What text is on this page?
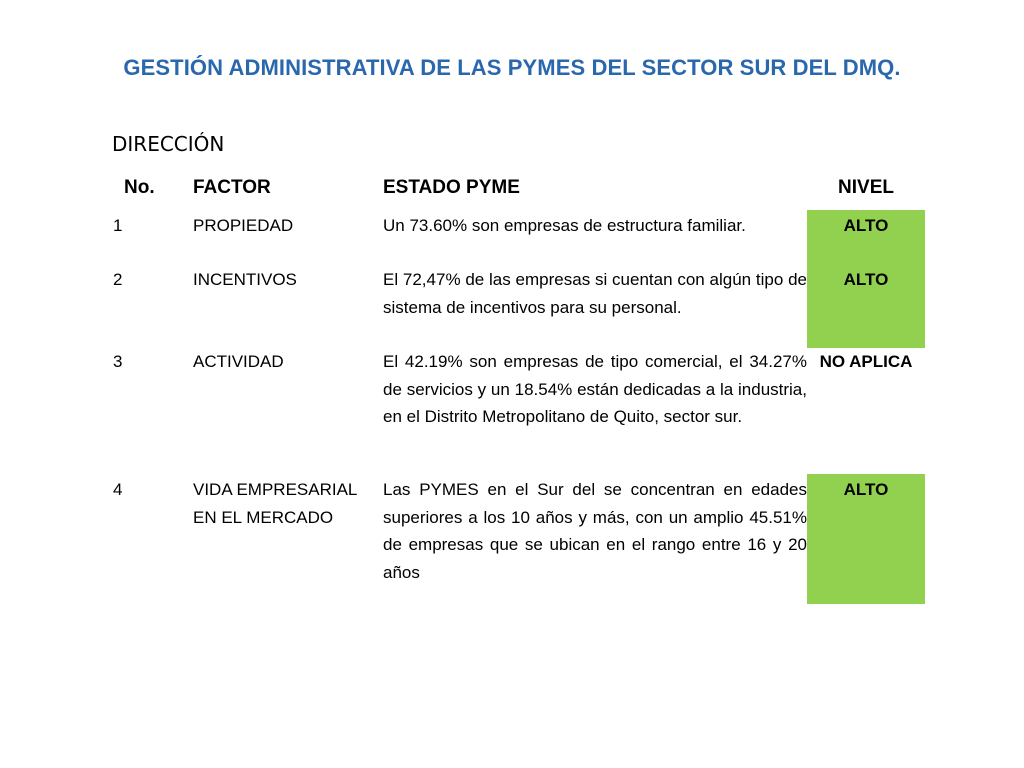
GESTIÓN ADMINISTRATIVA DE LAS PYMES DEL SECTOR SUR DEL DMQ.
DIRECCIÓN
No.	FACTOR	ESTADO PYME	NIVEL
1	PROPIEDAD	Un 73.60% son empresas de estructura familiar.	ALTO
2	INCENTIVOS	El 72,47% de las empresas si cuentan con algún tipo de sistema de incentivos para su personal.	ALTO
3	ACTIVIDAD	El 42.19% son empresas de tipo comercial, el 34.27% de servicios y un 18.54% están dedicadas a la industria, en el Distrito Metropolitano de Quito, sector sur.	NO APLICA

4	VIDA EMPRESARIAL EN EL MERCADO	Las PYMES en el Sur del se concentran en edades superiores a los 10 años y más, con un amplio 45.51% de empresas que se ubican en el rango entre 16 y 20 años	ALTO
